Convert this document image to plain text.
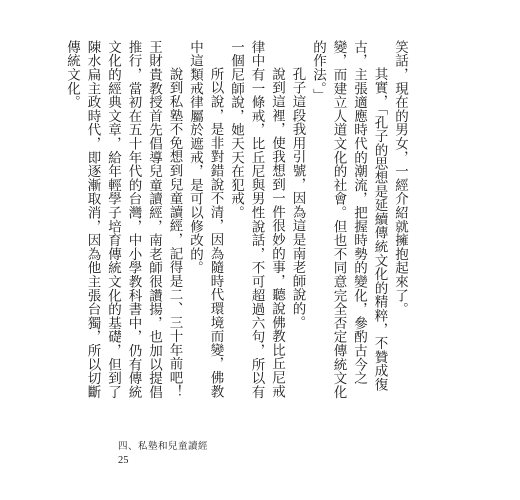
笑話，現在的男女，一經介紹就擁抱起來了。

其實，「孔子的思想是延續傳統文化的精粹，不贊成復古，主張適應時代的潮流，把握時勢的變化，參酌古今之變，而建立人道文化的社會。但也不同意完全否定傳統文化的作法。」

孔子這段我用引號，因為這是南老師說的。

說到這裡，使我想到一件很妙的事，聽說佛教比丘尼戒律中有一條戒，比丘尼與男性說話，不可超過六句，所以有一個尼師說，她天天在犯戒。

所以說，是非對錯說不清，因為隨時代環境而變，佛教中這類戒律屬於遮戒，是可以修改的。

說到私塾不免想到兒童讀經，記得是二、三十年前吧！王財貴教授首先倡導兒童讀經，南老師很讚揚，也加以提倡推行，當初在五十年代的台灣，中小學教科書中，仍有傳統文化的經典文章，給年輕學子培育傳統文化的基礎，但到了陳水扁主政時代，即逐漸取消，因為他主張台獨，所以切斷傳統文化。

四、私塾和兒童讀經
25
